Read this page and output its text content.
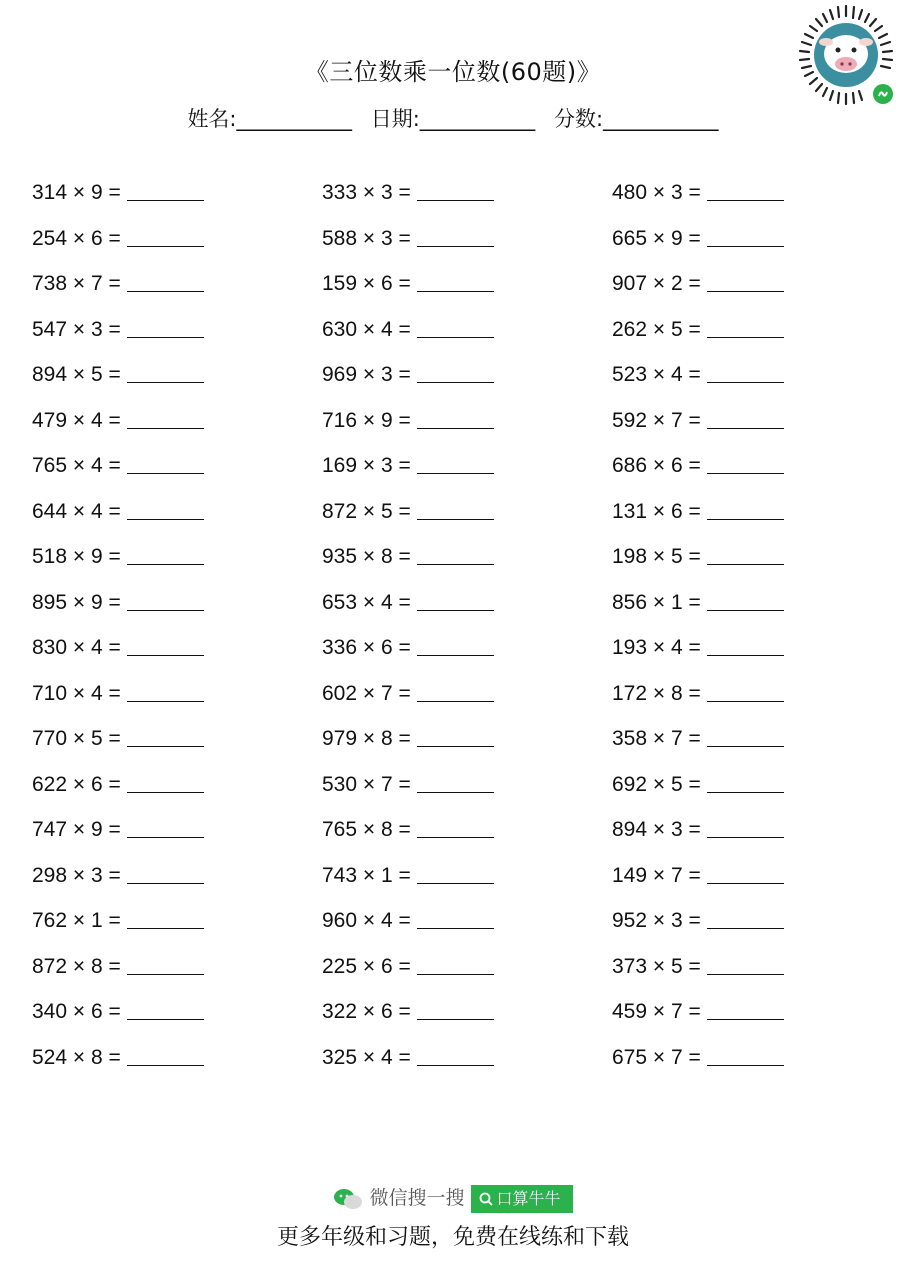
《三位数乘一位数(60题)》
姓名:___________ 日期:___________ 分数:___________
314 × 9 =	333 × 3 =	480 × 3 =
254 × 6 =	588 × 3 =	665 × 9 =
738 × 7 =	159 × 6 =	907 × 2 =
547 × 3 =	630 × 4 =	262 × 5 =
894 × 5 =	969 × 3 =	523 × 4 =
479 × 4 =	716 × 9 =	592 × 7 =
765 × 4 =	169 × 3 =	686 × 6 =
644 × 4 =	872 × 5 =	131 × 6 =
518 × 9 =	935 × 8 =	198 × 5 =
895 × 9 =	653 × 4 =	856 × 1 =
830 × 4 =	336 × 6 =	193 × 4 =
710 × 4 =	602 × 7 =	172 × 8 =
770 × 5 =	979 × 8 =	358 × 7 =
622 × 6 =	530 × 7 =	692 × 5 =
747 × 9 =	765 × 8 =	894 × 3 =
298 × 3 =	743 × 1 =	149 × 7 =
762 × 1 =	960 × 4 =	952 × 3 =
872 × 8 =	225 × 6 =	373 × 5 =
340 × 6 =	322 × 6 =	459 × 7 =
524 × 8 =	325 × 4 =	675 × 7 =
微信搜一搜 口算牛牛
更多年级和习题，免费在线练和下载
